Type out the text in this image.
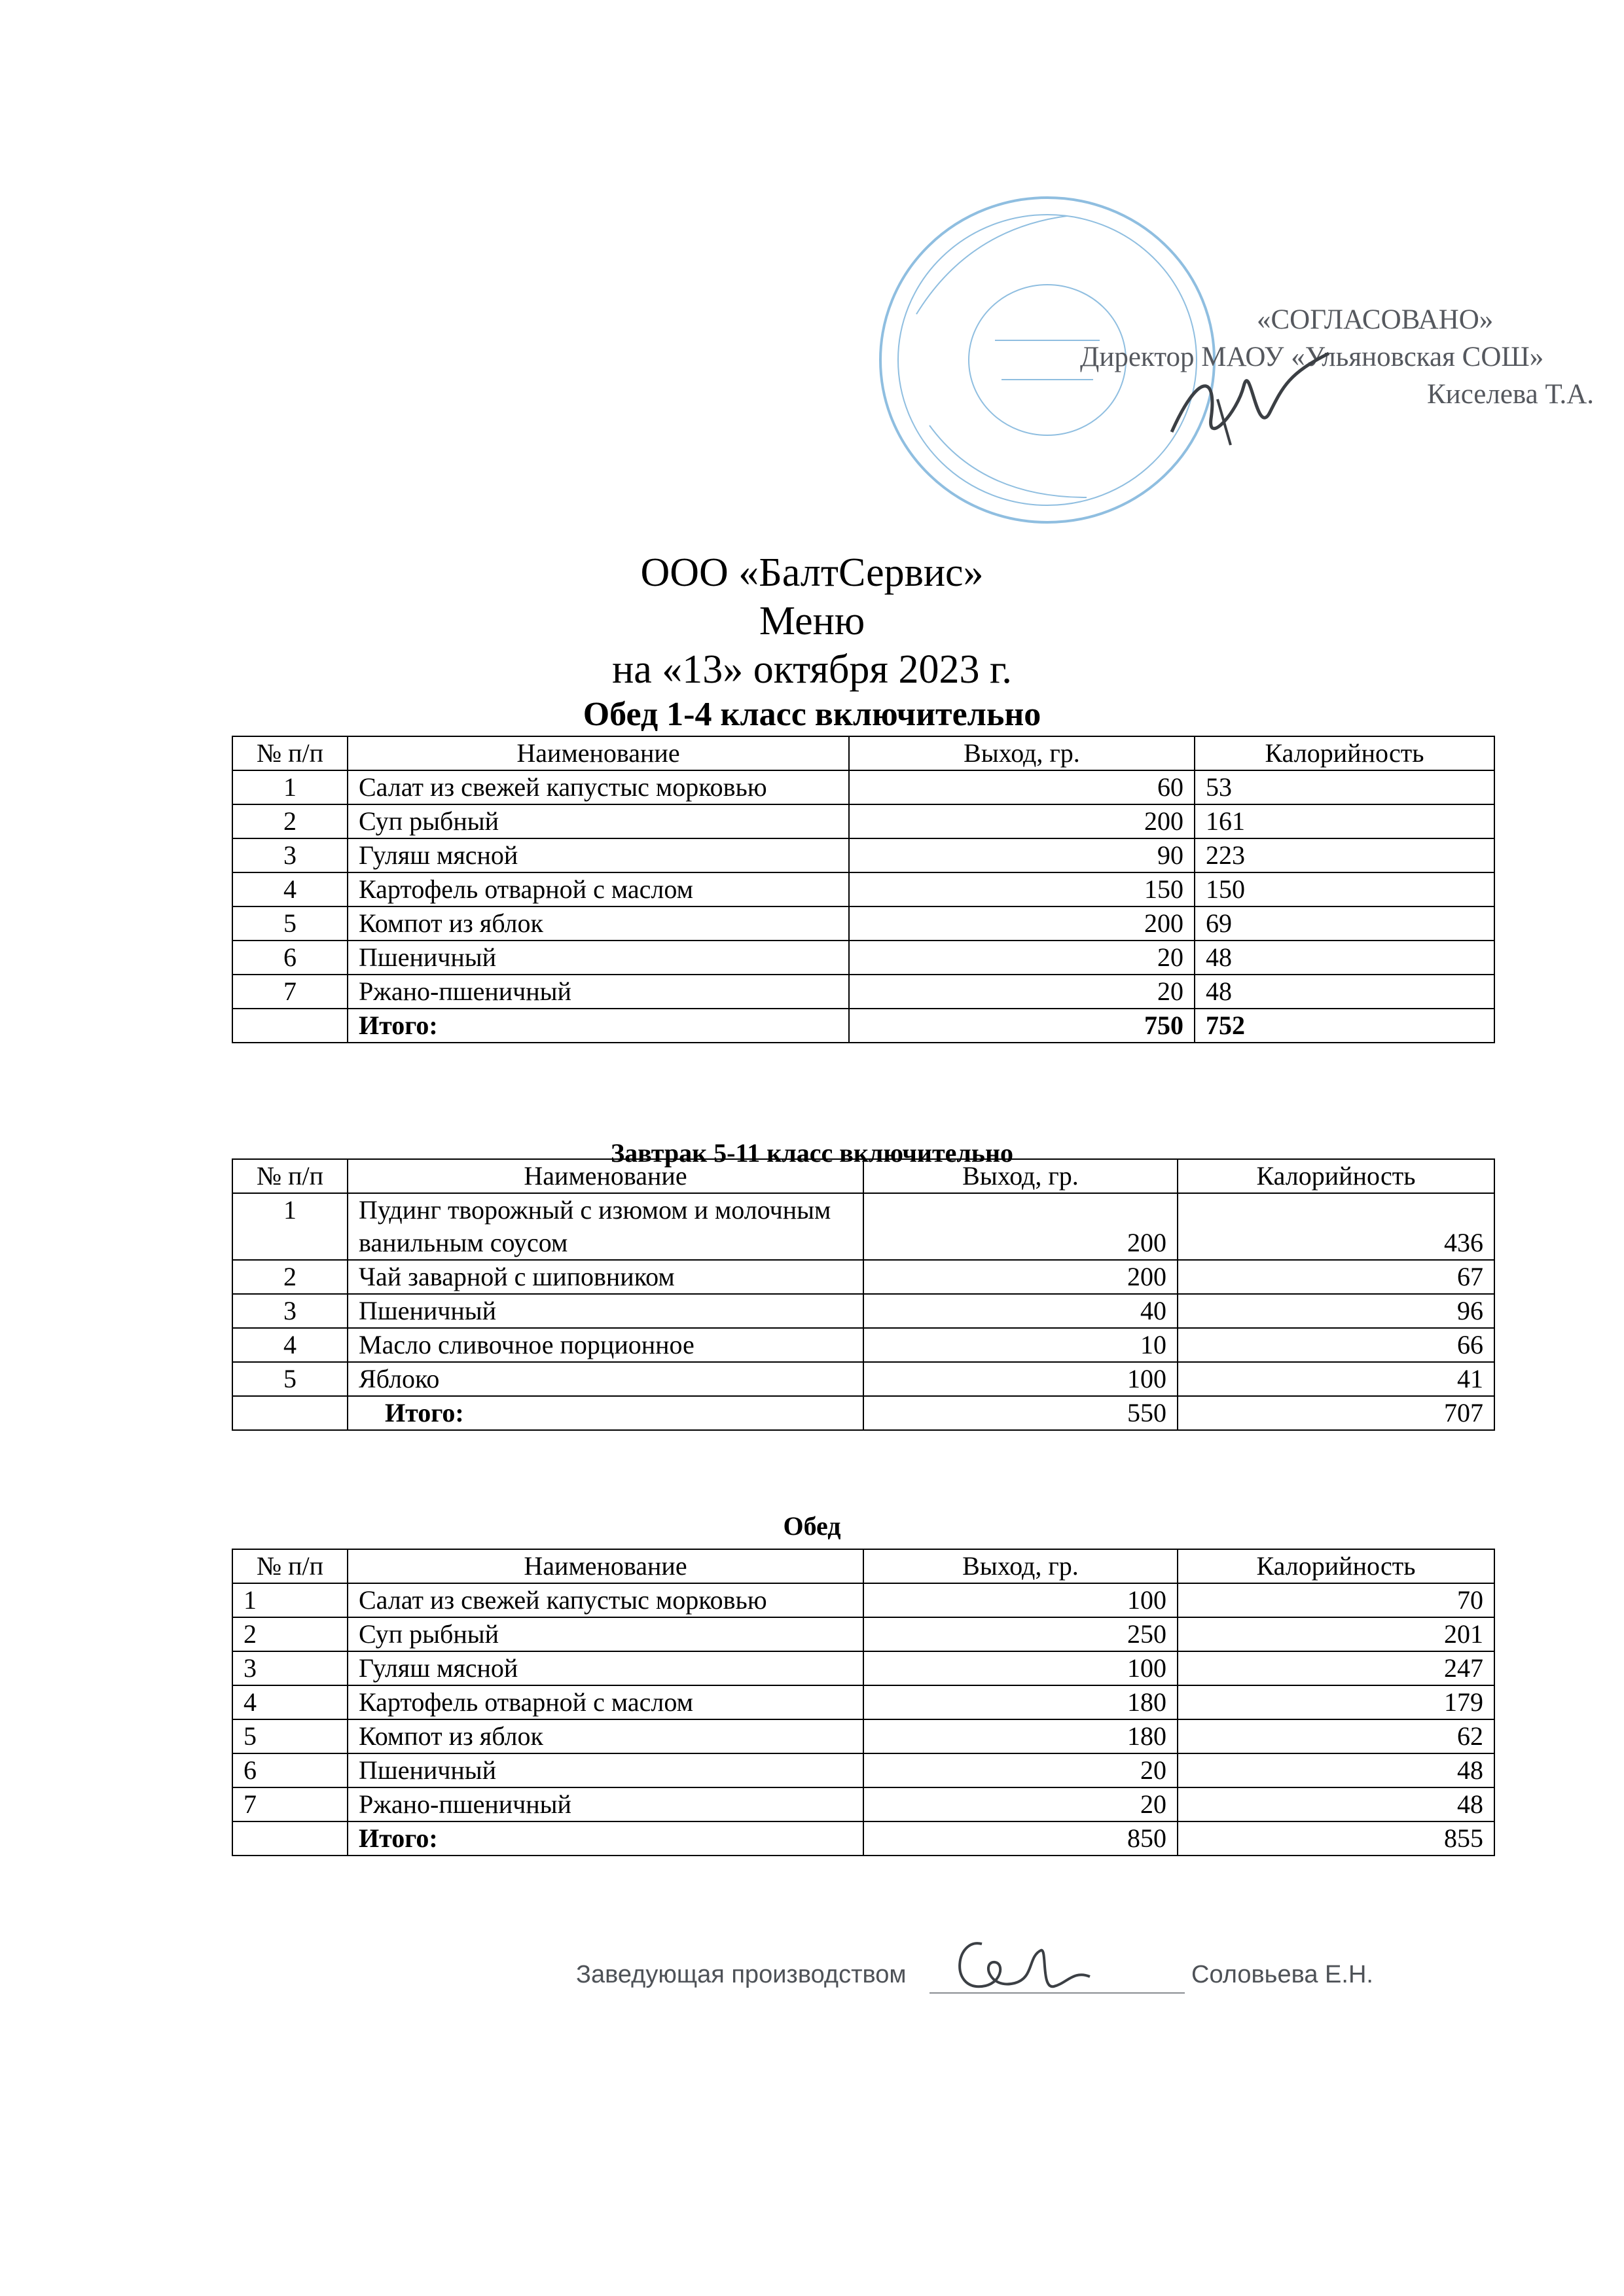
«СОГЛАСОВАНО»
Директор МАОУ «Ульяновская СОШ»
Киселева Т.А.
ООО «БалтСервис»
Меню
на «13» октября 2023 г.
Обед 1-4 класс включительно
№ п/п	Наименование	Выход, гр.	Калорийность
1	Салат из свежей капустыс морковью	60	53
2	Суп рыбный	200	161
3	Гуляш мясной	90	223
4	Картофель отварной с маслом	150	150
5	Компот из яблок	200	69
6	Пшеничный	20	48
7	Ржано-пшеничный	20	48
	Итого:	750	752
Завтрак 5-11 класс включительно
№ п/п	Наименование	Выход, гр.	Калорийность
1	Пудинг творожный с изюмом и молочным ванильным соусом	200	436
2	Чай заварной с шиповником	200	67
3	Пшеничный	40	96
4	Масло сливочное порционное	10	66
5	Яблоко	100	41
	Итого:	550	707
Обед
№ п/п	Наименование	Выход, гр.	Калорийность
1	Салат из свежей капустыс морковью	100	70
2	Суп рыбный	250	201
3	Гуляш мясной	100	247
4	Картофель отварной с маслом	180	179
5	Компот из яблок	180	62
6	Пшеничный	20	48
7	Ржано-пшеничный	20	48
	Итого:	850	855
Заведующая производством	Соловьева Е.Н.
